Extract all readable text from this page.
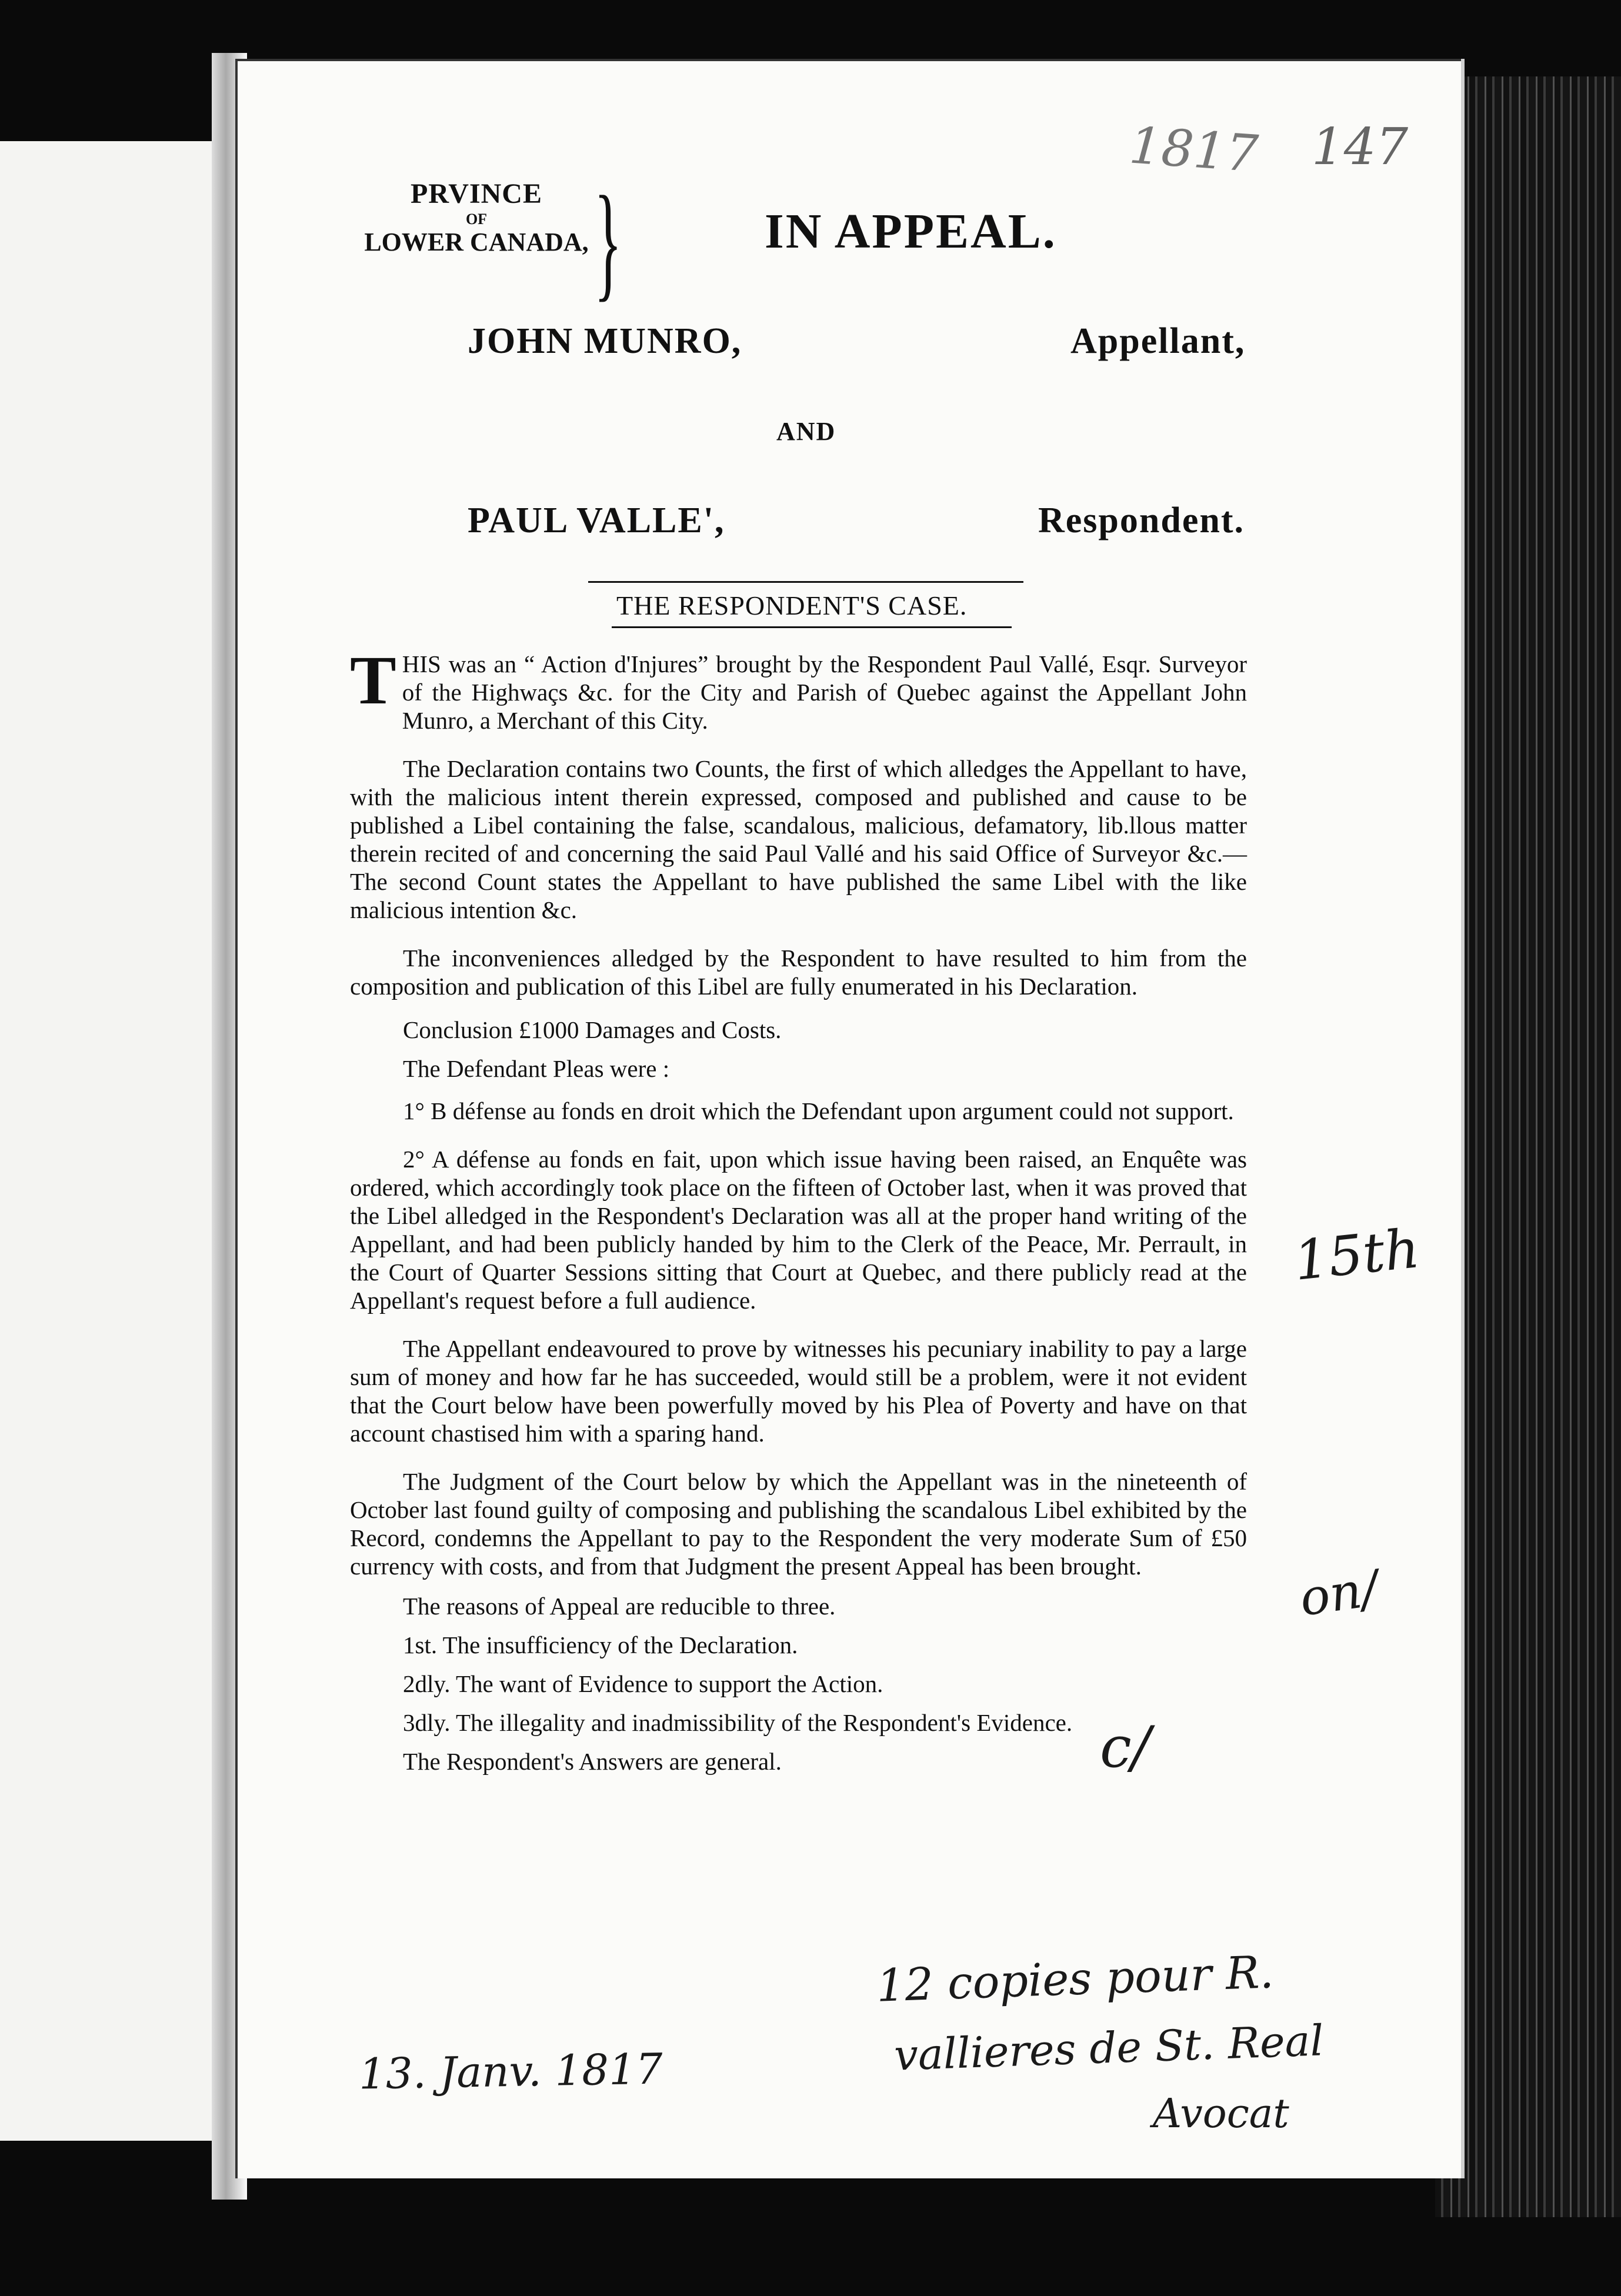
PRVINCE
OF
LOWER CANADA, }	IN APPEAL.
JOHN MUNRO,	Appellant,
AND
PAUL VALLE',	Respondent.
THE RESPONDENT'S CASE.

THIS was an “ Action d'Injures” brought by the Respondent Paul Vallé, Esqr. Surveyor of the Highwaçs &c. for the City and Parish of Quebec against the Appellant John Munro, a Merchant of this City.

The Declaration contains two Counts, the first of which alledges the Appellant to have, with the malicious intent therein expressed, composed and published and cause to be published a Libel containing the false, scandalous, malicious, defamatory, lib.llous matter therein recited of and concerning the said Paul Vallé and his said Office of Surveyor &c.—The second Count states the Appellant to have published the same Libel with the like malicious intention &c.

The inconveniences alledged by the Respondent to have resulted to him from the composition and publication of this Libel are fully enumerated in his Declaration.

Conclusion £1000 Damages and Costs.

The Defendant Pleas were :

1° B défense au fonds en droit which the Defendant upon argument could not support.

2° A défense au fonds en fait, upon which issue having been raised, an Enquête was ordered, which accordingly took place on the fifteen of October last, when it was proved that the Libel alledged in the Respondent's Declaration was all at the proper hand writing of the Appellant, and had been publicly handed by him to the Clerk of the Peace, Mr. Perrault, in the Court of Quarter Sessions sitting that Court at Quebec, and there publicly read at the Appellant's request before a full audience.

The Appellant endeavoured to prove by witnesses his pecuniary inability to pay a large sum of money and how far he has succeeded, would still be a problem, were it not evident that the Court below have been powerfully moved by his Plea of Poverty and have on that account chastised him with a sparing hand.

The Judgment of the Court below by which the Appellant was in the nineteenth of October last found guilty of composing and publishing the scandalous Libel exhibited by the Record, condemns the Appellant to pay to the Respondent the very moderate Sum of £50 currency with costs, and from that Judgment the present Appeal has been brought.

The reasons of Appeal are reducible to three.

1st. The insufficiency of the Declaration.

2dly. The want of Evidence to support the Action.

3dly. The illegality and inadmissibility of the Respondent's Evidence.

The Respondent's Answers are general.

1817 147
15th
on/
c/
12 copies pour R.
vallieres de St. Real
Avocat
13. Janv. 1817
